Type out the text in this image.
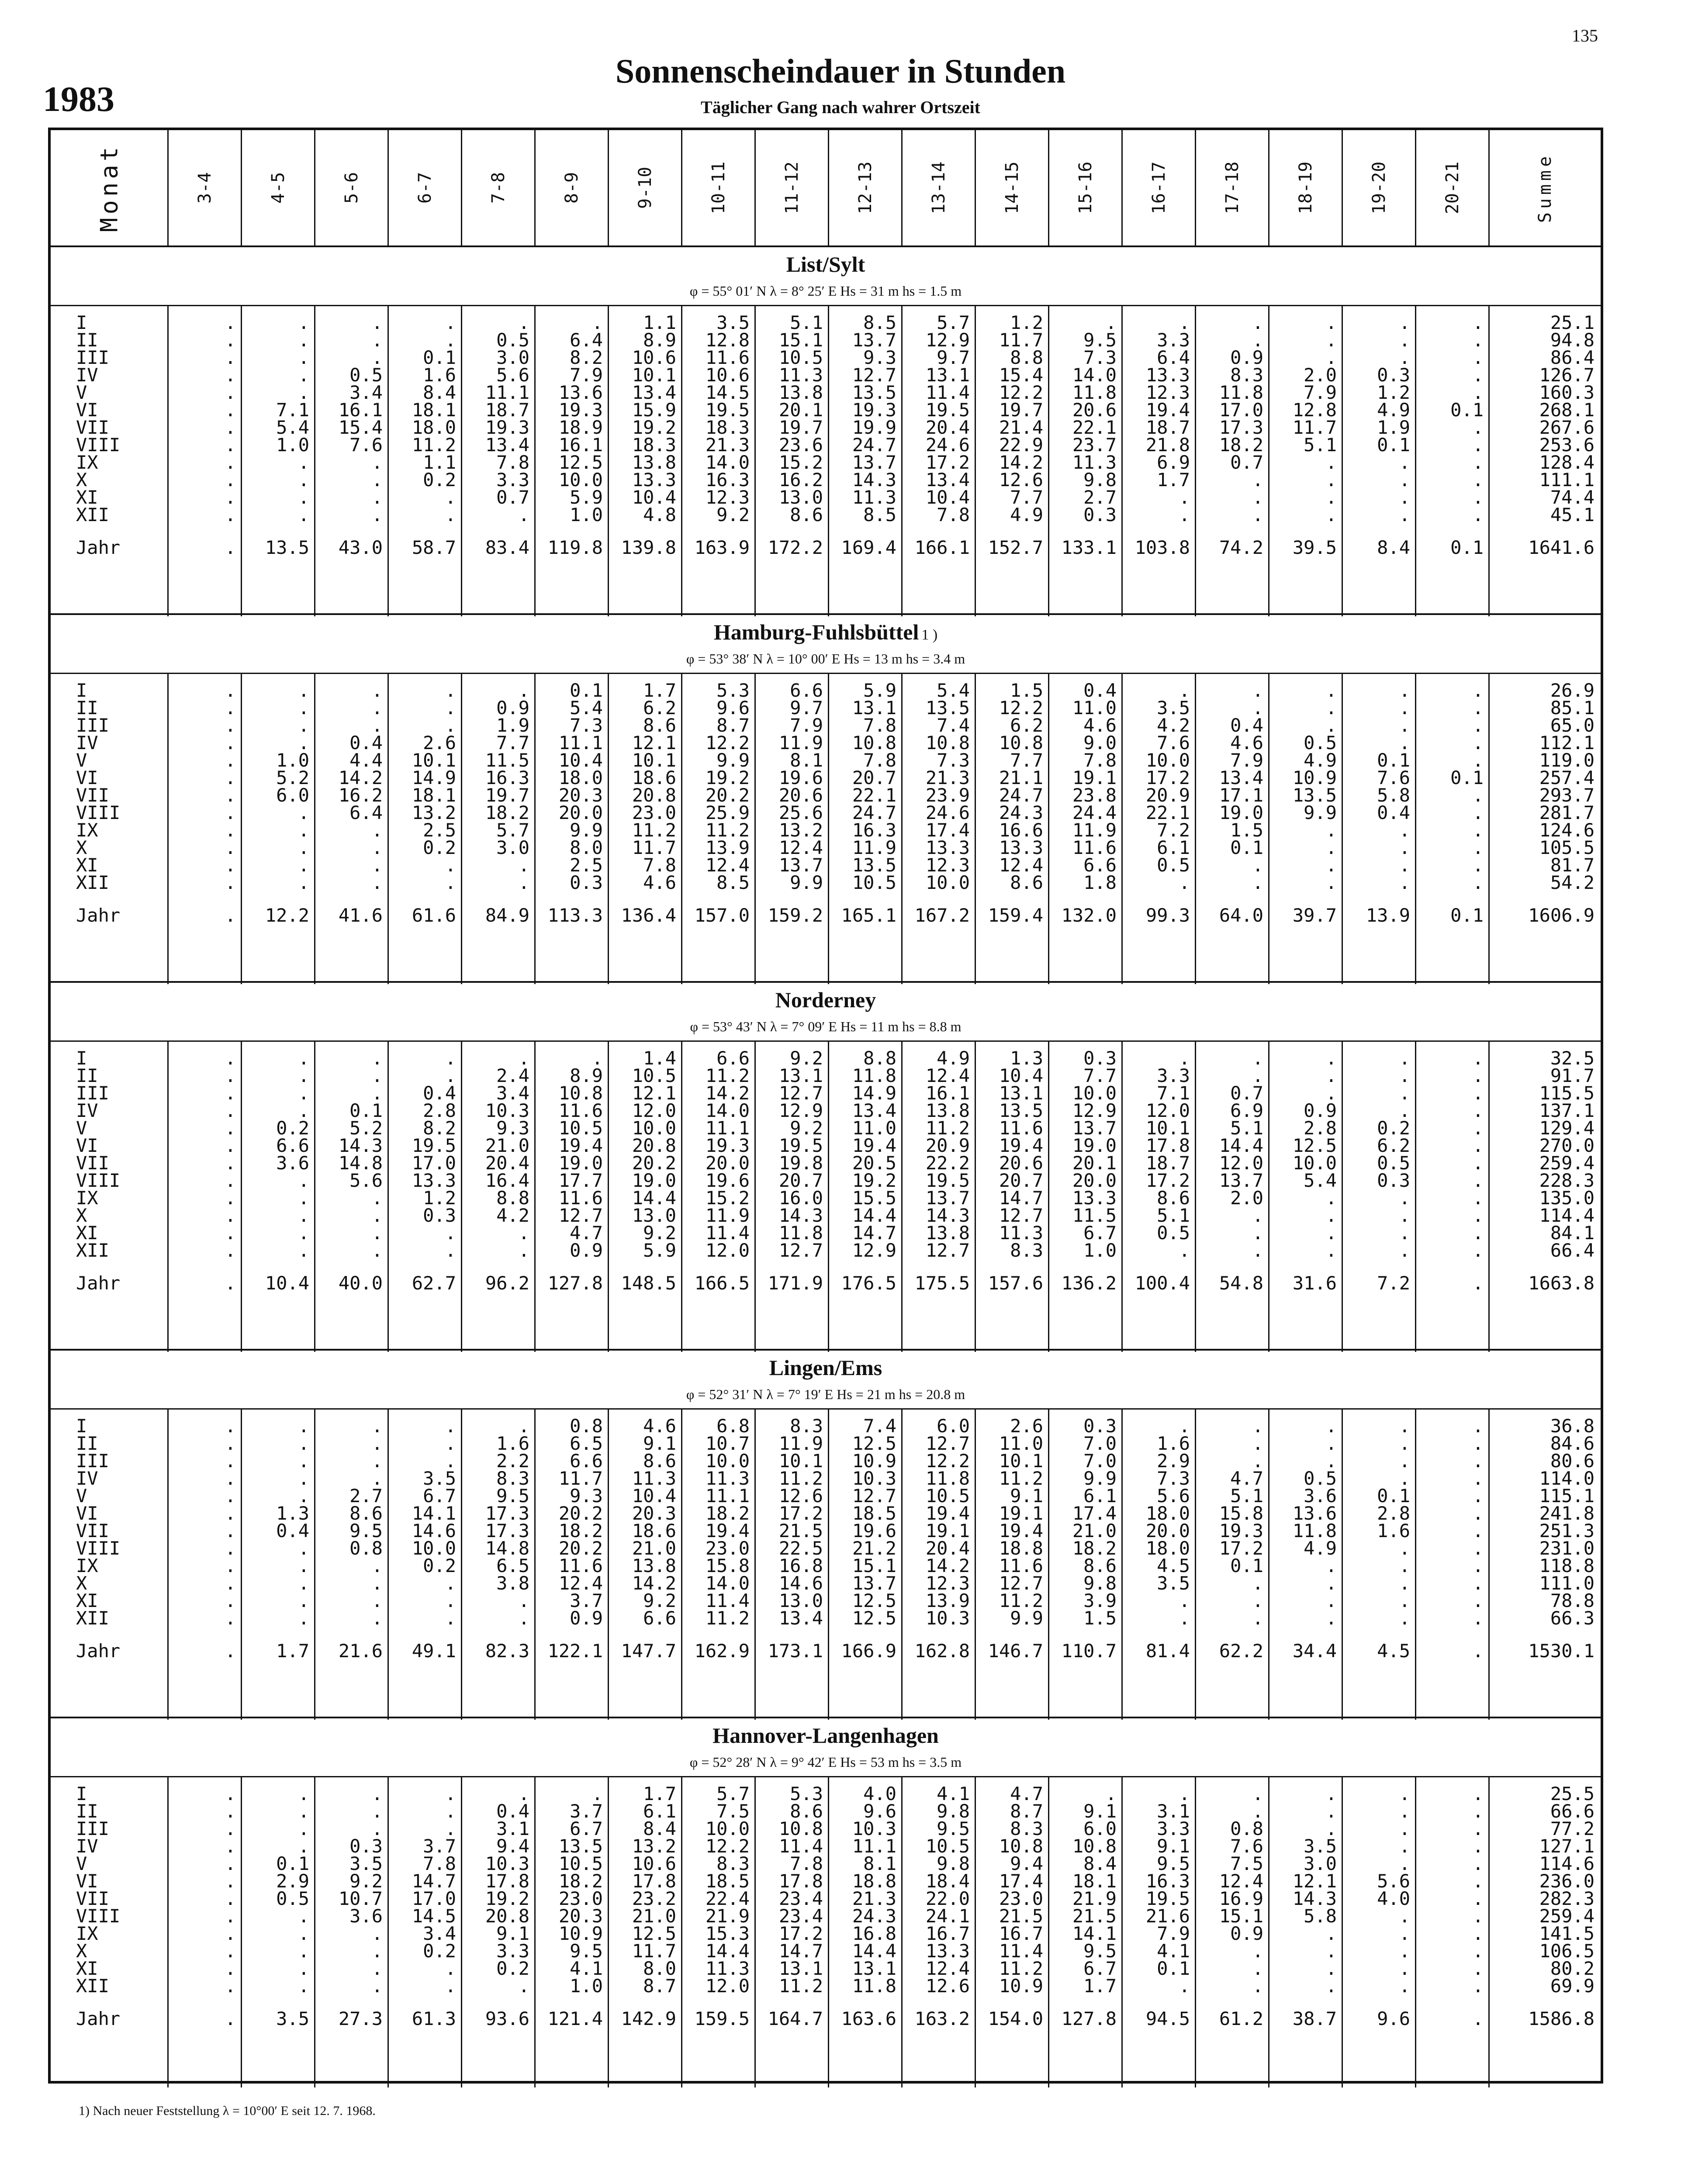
135
1983
Sonnenscheindauer in Stunden
Täglicher Gang nach wahrer Ortszeit
Monat	3-4	4-5	5-6	6-7	7-8	8-9	9-10	10-11	11-12	12-13	13-14	14-15	15-16	16-17	17-18	18-19	19-20	20-21	Summe
List/Sylt
φ = 55° 01′ N λ = 8° 25′ E Hs = 31 m hs = 1.5 m
I	.	.	.	.	.	.	1.1	3.5	5.1	8.5	5.7	1.2	.	.	.	.	.	.	25.1
II	.	.	.	.	0.5	6.4	8.9	12.8	15.1	13.7	12.9	11.7	9.5	3.3	.	.	.	.	94.8
III	.	.	.	0.1	3.0	8.2	10.6	11.6	10.5	9.3	9.7	8.8	7.3	6.4	0.9	.	.	.	86.4
IV	.	.	0.5	1.6	5.6	7.9	10.1	10.6	11.3	12.7	13.1	15.4	14.0	13.3	8.3	2.0	0.3	.	126.7
V	.	.	3.4	8.4	11.1	13.6	13.4	14.5	13.8	13.5	11.4	12.2	11.8	12.3	11.8	7.9	1.2	.	160.3
VI	.	7.1	16.1	18.1	18.7	19.3	15.9	19.5	20.1	19.3	19.5	19.7	20.6	19.4	17.0	12.8	4.9	0.1	268.1
VII	.	5.4	15.4	18.0	19.3	18.9	19.2	18.3	19.7	19.9	20.4	21.4	22.1	18.7	17.3	11.7	1.9	.	267.6
VIII	.	1.0	7.6	11.2	13.4	16.1	18.3	21.3	23.6	24.7	24.6	22.9	23.7	21.8	18.2	5.1	0.1	.	253.6
IX	.	.	.	1.1	7.8	12.5	13.8	14.0	15.2	13.7	17.2	14.2	11.3	6.9	0.7	.	.	.	128.4
X	.	.	.	0.2	3.3	10.0	13.3	16.3	16.2	14.3	13.4	12.6	9.8	1.7	.	.	.	.	111.1
XI	.	.	.	.	0.7	5.9	10.4	12.3	13.0	11.3	10.4	7.7	2.7	.	.	.	.	.	74.4
XII	.	.	.	.	.	1.0	4.8	9.2	8.6	8.5	7.8	4.9	0.3	.	.	.	.	.	45.1
Jahr	.	13.5	43.0	58.7	83.4 119.8 139.8 163.9 172.2 169.4 166.1 152.7 133.1 103.8	74.2	39.5	8.4	0.1	1641.6
Hamburg-Fuhlsbüttel 1 )
φ = 53° 38′ N λ = 10° 00′ E Hs = 13 m hs = 3.4 m
I	.	.	.	.	.	0.1	1.7	5.3	6.6	5.9	5.4	1.5	0.4	.	.	.	.	.	26.9
II	.	.	.	.	0.9	5.4	6.2	9.6	9.7	13.1	13.5	12.2	11.0	3.5	.	.	.	.	85.1
III	.	.	.	.	1.9	7.3	8.6	8.7	7.9	7.8	7.4	6.2	4.6	4.2	0.4	.	.	.	65.0
IV	.	.	0.4	2.6	7.7	11.1	12.1	12.2	11.9	10.8	10.8	10.8	9.0	7.6	4.6	0.5	.	.	112.1
V	.	1.0	4.4	10.1	11.5	10.4	10.1	9.9	8.1	7.8	7.3	7.7	7.8	10.0	7.9	4.9	0.1	.	119.0
VI	.	5.2	14.2	14.9	16.3	18.0	18.6	19.2	19.6	20.7	21.3	21.1	19.1	17.2	13.4	10.9	7.6	0.1	257.4
VII	.	6.0	16.2	18.1	19.7	20.3	20.8	20.2	20.6	22.1	23.9	24.7	23.8	20.9	17.1	13.5	5.8	.	293.7
VIII	.	.	6.4	13.2	18.2	20.0	23.0	25.9	25.6	24.7	24.6	24.3	24.4	22.1	19.0	9.9	0.4	.	281.7
IX	.	.	.	2.5	5.7	9.9	11.2	11.2	13.2	16.3	17.4	16.6	11.9	7.2	1.5	.	.	.	124.6
X	.	.	.	0.2	3.0	8.0	11.7	13.9	12.4	11.9	13.3	13.3	11.6	6.1	0.1	.	.	.	105.5
XI	.	.	.	.	.	2.5	7.8	12.4	13.7	13.5	12.3	12.4	6.6	0.5	.	.	.	.	81.7
XII	.	.	.	.	.	0.3	4.6	8.5	9.9	10.5	10.0	8.6	1.8	.	.	.	.	.	54.2
Jahr	.	12.2	41.6	61.6	84.9 113.3 136.4 157.0 159.2 165.1 167.2 159.4 132.0	99.3	64.0	39.7	13.9	0.1	1606.9
Norderney
φ = 53° 43′ N λ = 7° 09′ E Hs = 11 m hs = 8.8 m
I	.	.	.	.	.	.	1.4	6.6	9.2	8.8	4.9	1.3	0.3	.	.	.	.	.	32.5
II	.	.	.	.	2.4	8.9	10.5	11.2	13.1	11.8	12.4	10.4	7.7	3.3	.	.	.	.	91.7
III	.	.	.	0.4	3.4	10.8	12.1	14.2	12.7	14.9	16.1	13.1	10.0	7.1	0.7	.	.	.	115.5
IV	.	.	0.1	2.8	10.3	11.6	12.0	14.0	12.9	13.4	13.8	13.5	12.9	12.0	6.9	0.9	.	.	137.1
V	.	0.2	5.2	8.2	9.3	10.5	10.0	11.1	9.2	11.0	11.2	11.6	13.7	10.1	5.1	2.8	0.2	.	129.4
VI	.	6.6	14.3	19.5	21.0	19.4	20.8	19.3	19.5	19.4	20.9	19.4	19.0	17.8	14.4	12.5	6.2	.	270.0
VII	.	3.6	14.8	17.0	20.4	19.0	20.2	20.0	19.8	20.5	22.2	20.6	20.1	18.7	12.0	10.0	0.5	.	259.4
VIII	.	.	5.6	13.3	16.4	17.7	19.0	19.6	20.7	19.2	19.5	20.7	20.0	17.2	13.7	5.4	0.3	.	228.3
IX	.	.	.	1.2	8.8	11.6	14.4	15.2	16.0	15.5	13.7	14.7	13.3	8.6	2.0	.	.	.	135.0
X	.	.	.	0.3	4.2	12.7	13.0	11.9	14.3	14.4	14.3	12.7	11.5	5.1	.	.	.	.	114.4
XI	.	.	.	.	.	4.7	9.2	11.4	11.8	14.7	13.8	11.3	6.7	0.5	.	.	.	.	84.1
XII	.	.	.	.	.	0.9	5.9	12.0	12.7	12.9	12.7	8.3	1.0	.	.	.	.	.	66.4
Jahr	.	10.4	40.0	62.7	96.2 127.8 148.5 166.5 171.9 176.5 175.5 157.6 136.2 100.4	54.8	31.6	7.2	.	1663.8
Lingen/Ems
φ = 52° 31′ N λ = 7° 19′ E Hs = 21 m hs = 20.8 m
I	.	.	.	.	.	0.8	4.6	6.8	8.3	7.4	6.0	2.6	0.3	.	.	.	.	.	36.8
II	.	.	.	.	1.6	6.5	9.1	10.7	11.9	12.5	12.7	11.0	7.0	1.6	.	.	.	.	84.6
III	.	.	.	.	2.2	6.6	8.6	10.0	10.1	10.9	12.2	10.1	7.0	2.9	.	.	.	.	80.6
IV	.	.	.	3.5	8.3	11.7	11.3	11.3	11.2	10.3	11.8	11.2	9.9	7.3	4.7	0.5	.	.	114.0
V	.	.	2.7	6.7	9.5	9.3	10.4	11.1	12.6	12.7	10.5	9.1	6.1	5.6	5.1	3.6	0.1	.	115.1
VI	.	1.3	8.6	14.1	17.3	20.2	20.3	18.2	17.2	18.5	19.4	19.1	17.4	18.0	15.8	13.6	2.8	.	241.8
VII	.	0.4	9.5	14.6	17.3	18.2	18.6	19.4	21.5	19.6	19.1	19.4	21.0	20.0	19.3	11.8	1.6	.	251.3
VIII	.	.	0.8	10.0	14.8	20.2	21.0	23.0	22.5	21.2	20.4	18.8	18.2	18.0	17.2	4.9	.	.	231.0
IX	.	.	.	0.2	6.5	11.6	13.8	15.8	16.8	15.1	14.2	11.6	8.6	4.5	0.1	.	.	.	118.8
X	.	.	.	.	3.8	12.4	14.2	14.0	14.6	13.7	12.3	12.7	9.8	3.5	.	.	.	.	111.0
XI	.	.	.	.	.	3.7	9.2	11.4	13.0	12.5	13.9	11.2	3.9	.	.	.	.	.	78.8
XII	.	.	.	.	.	0.9	6.6	11.2	13.4	12.5	10.3	9.9	1.5	.	.	.	.	.	66.3
Jahr	.	1.7	21.6	49.1	82.3 122.1 147.7 162.9 173.1 166.9 162.8 146.7 110.7	81.4	62.2	34.4	4.5	.	1530.1
Hannover-Langenhagen
φ = 52° 28′ N λ = 9° 42′ E Hs = 53 m hs = 3.5 m
I	.	.	.	.	.	.	1.7	5.7	5.3	4.0	4.1	4.7	.	.	.	.	.	.	25.5
II	.	.	.	.	0.4	3.7	6.1	7.5	8.6	9.6	9.8	8.7	9.1	3.1	.	.	.	.	66.6
III	.	.	.	.	3.1	6.7	8.4	10.0	10.8	10.3	9.5	8.3	6.0	3.3	0.8	.	.	.	77.2
IV	.	.	0.3	3.7	9.4	13.5	13.2	12.2	11.4	11.1	10.5	10.8	10.8	9.1	7.6	3.5	.	.	127.1
V	.	0.1	3.5	7.8	10.3	10.5	10.6	8.3	7.8	8.1	9.8	9.4	8.4	9.5	7.5	3.0	.	.	114.6
VI	.	2.9	9.2	14.7	17.8	18.2	17.8	18.5	17.8	18.8	18.4	17.4	18.1	16.3	12.4	12.1	5.6	.	236.0
VII	.	0.5	10.7	17.0	19.2	23.0	23.2	22.4	23.4	21.3	22.0	23.0	21.9	19.5	16.9	14.3	4.0	.	282.3
VIII	.	.	3.6	14.5	20.8	20.3	21.0	21.9	23.4	24.3	24.1	21.5	21.5	21.6	15.1	5.8	.	.	259.4
IX	.	.	.	3.4	9.1	10.9	12.5	15.3	17.2	16.8	16.7	16.7	14.1	7.9	0.9	.	.	.	141.5
X	.	.	.	0.2	3.3	9.5	11.7	14.4	14.7	14.4	13.3	11.4	9.5	4.1	.	.	.	.	106.5
XI	.	.	.	.	0.2	4.1	8.0	11.3	13.1	13.1	12.4	11.2	6.7	0.1	.	.	.	.	80.2
XII	.	.	.	.	.	1.0	8.7	12.0	11.2	11.8	12.6	10.9	1.7	.	.	.	.	.	69.9
Jahr	.	3.5	27.3	61.3	93.6 121.4 142.9 159.5 164.7 163.6 163.2 154.0 127.8	94.5	61.2	38.7	9.6	.	1586.8
1) Nach neuer Feststellung λ = 10°00′ E seit 12. 7. 1968.
